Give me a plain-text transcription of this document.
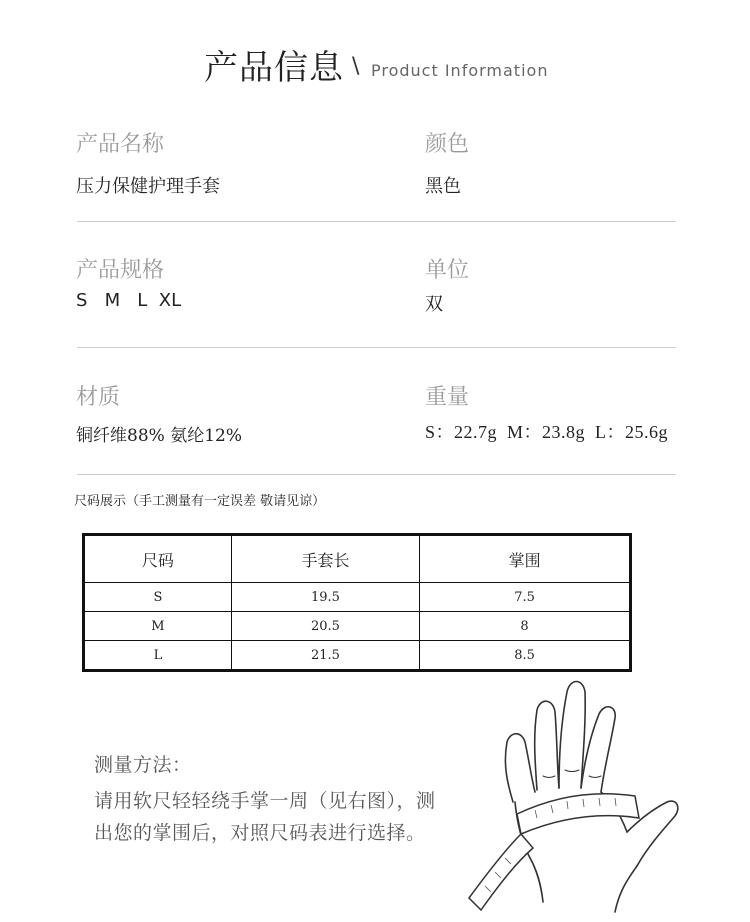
产品信息 \ Product Information
产品名称
压力保健护理手套
颜色
黑色
产品规格
S   M   L  XL
单位
双
材质
铜纤维88% 氨纶12%
重量
S：22.7g  M：23.8g  L：25.6g
尺码展示（手工测量有一定误差 敬请见谅）
尺码	手套长	掌围
S	19.5	7.5
M	20.5	8
L	21.5	8.5
测量方法：
请用软尺轻轻绕手掌一周（见右图），测
出您的掌围后，对照尺码表进行选择。
